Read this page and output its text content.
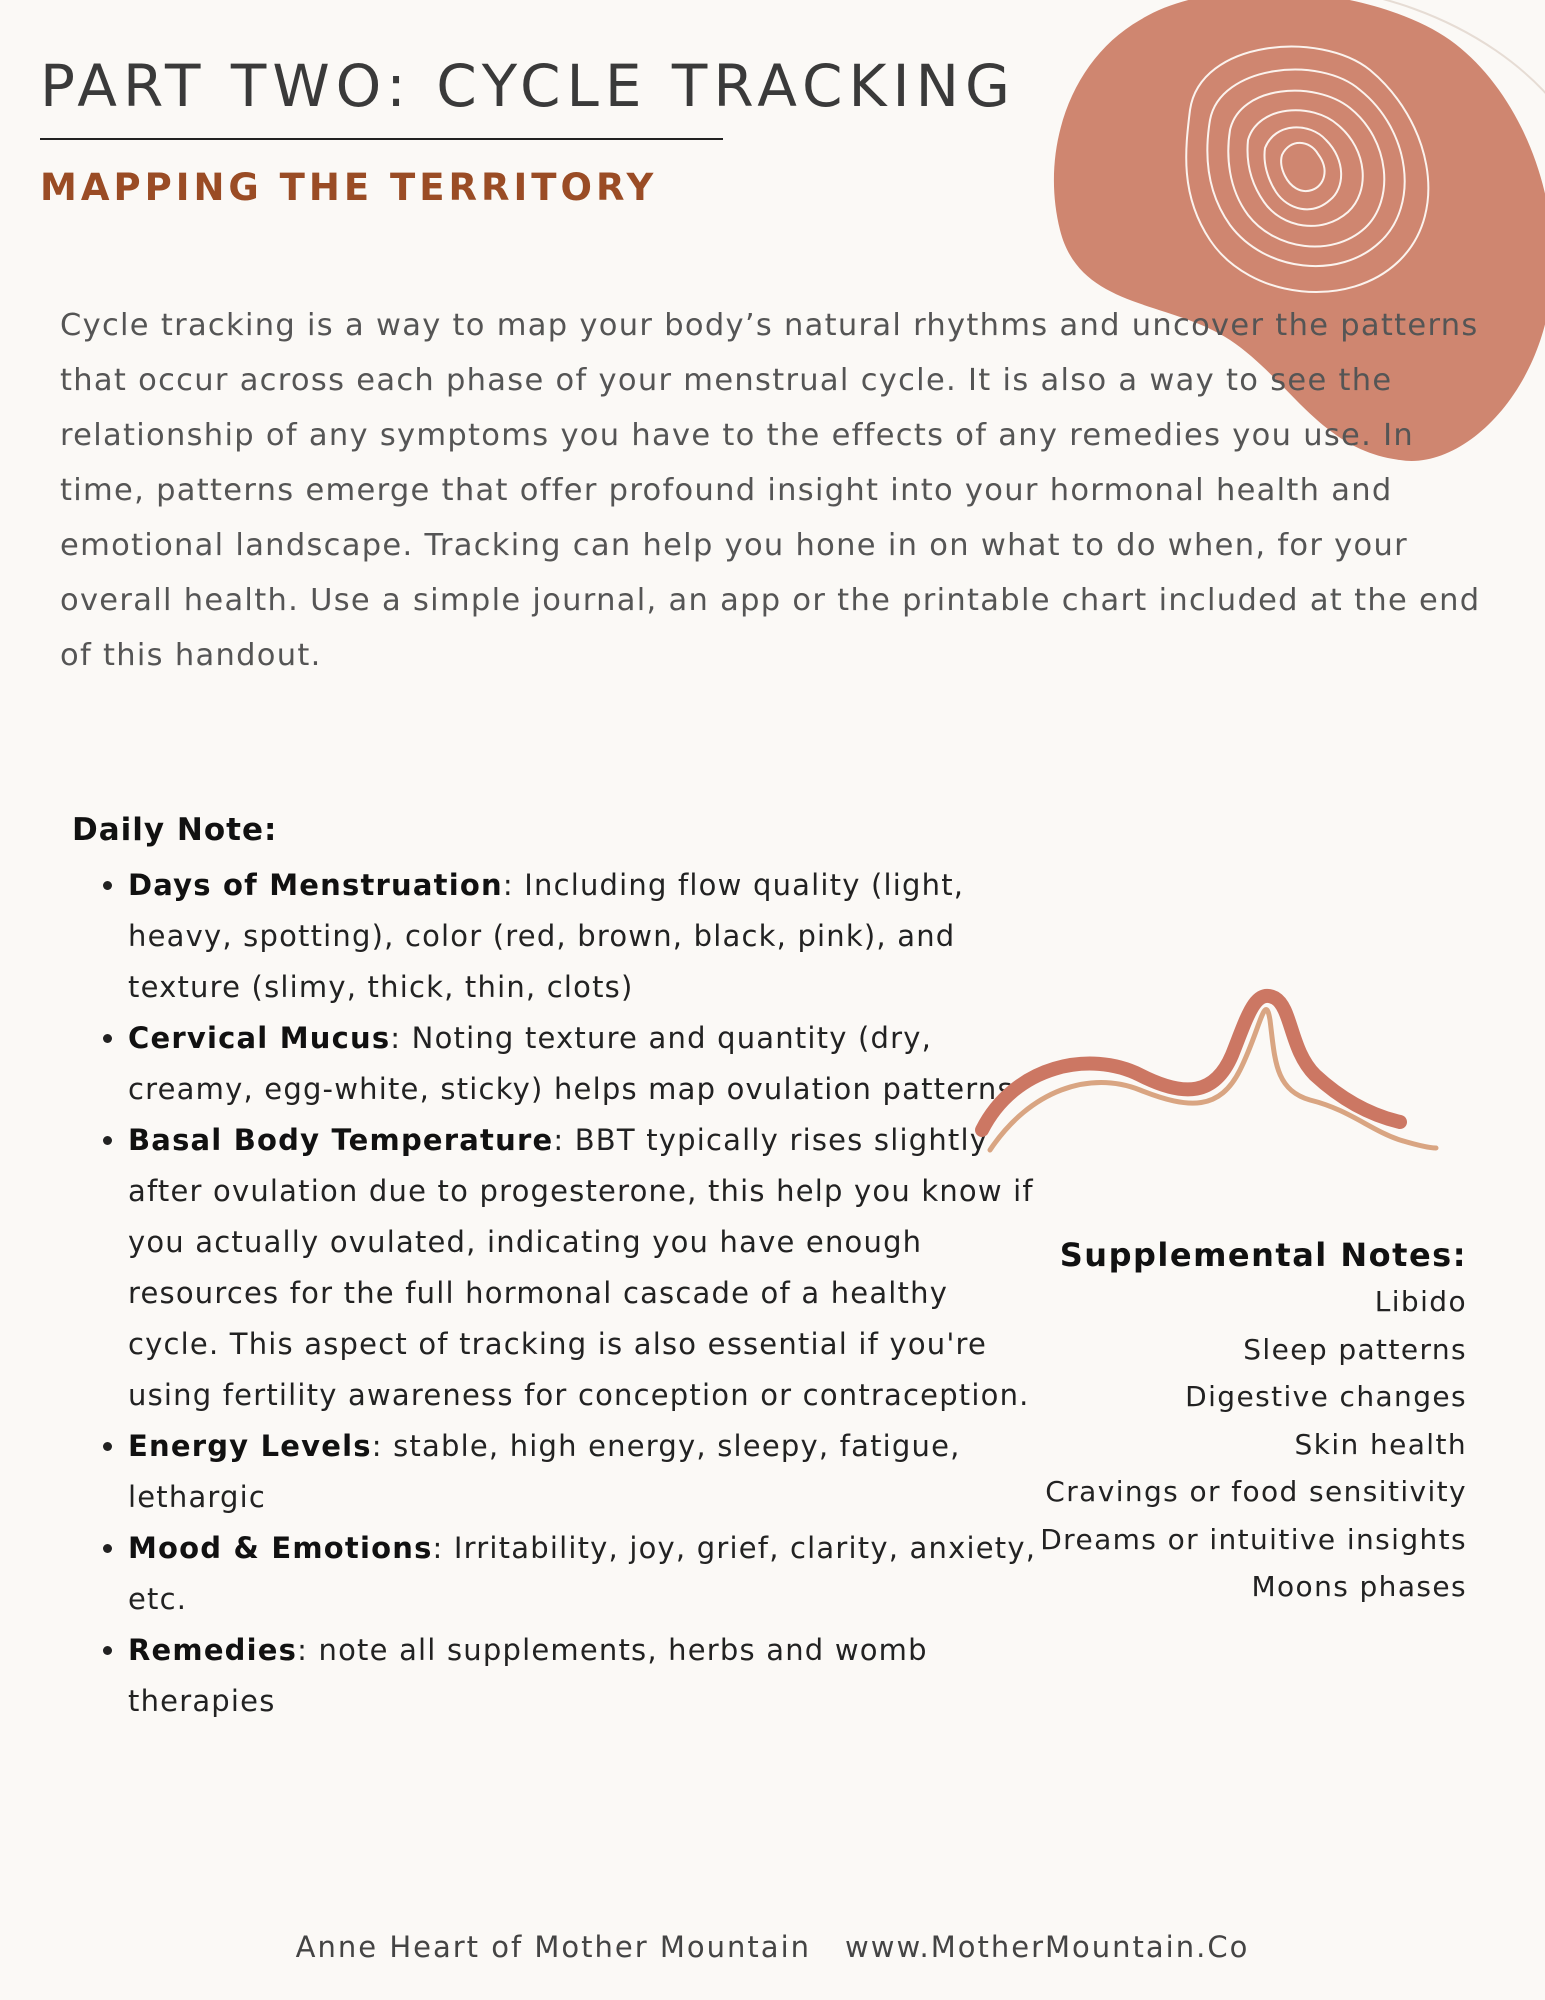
PART TWO: CYCLE TRACKING
MAPPING THE TERRITORY

Cycle tracking is a way to map your body’s natural rhythms and uncover the patterns that occur across each phase of your menstrual cycle. It is also a way to see the relationship of any symptoms you have to the effects of any remedies you use. In time, patterns emerge that offer profound insight into your hormonal health and emotional landscape. Tracking can help you hone in on what to do when, for your overall health. Use a simple journal, an app or the printable chart included at the end of this handout.

Daily Note:
• Days of Menstruation: Including flow quality (light, heavy, spotting), color (red, brown, black, pink), and texture (slimy, thick, thin, clots)
• Cervical Mucus: Noting texture and quantity (dry, creamy, egg-white, sticky) helps map ovulation patterns
• Basal Body Temperature: BBT typically rises slightly after ovulation due to progesterone, this help you know if you actually ovulated, indicating you have enough resources for the full hormonal cascade of a healthy cycle. This aspect of tracking is also essential if you're using fertility awareness for conception or contraception.
• Energy Levels: stable, high energy, sleepy, fatigue, lethargic
• Mood & Emotions: Irritability, joy, grief, clarity, anxiety, etc.
• Remedies: note all supplements, herbs and womb therapies
Supplemental Notes:
Libido
Sleep patterns
Digestive changes
Skin health
Cravings or food sensitivity
Dreams or intuitive insights
Moons phases
Anne Heart of Mother Mountain www.MotherMountain.Co
